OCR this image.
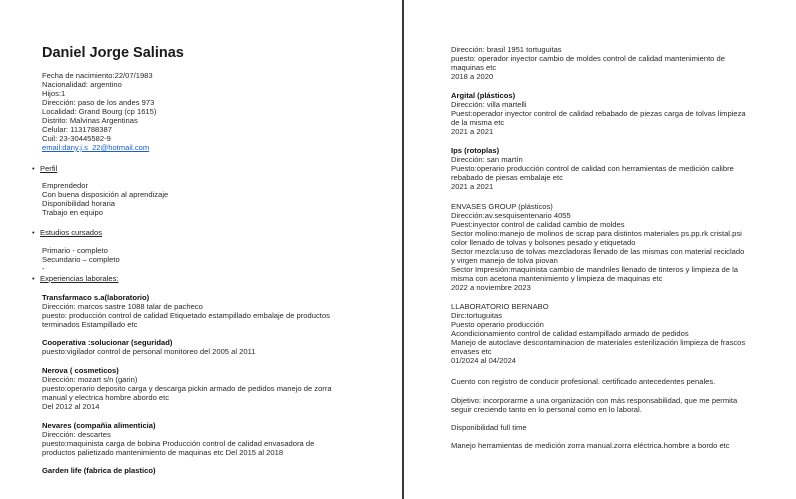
Daniel Jorge Salinas
Fecha de nacimiento:22/07/1983
Nacionalidad: argentino
Hijos:1
Dirección: paso de los andes 973
Localidad: Grand Bourg (cp 1615)
Distrito: Malvinas Argentinas
Celular: 1131788387
Cuil: 23-30445582-9
email:dany.j.s_22@hotmail.com
• Perfil
Emprendedor
Con buena disposición al aprendizaje
Disponibilidad horaria
Trabajo en equipo
• Estudios cursados
Primario - completo
Secundario – completo
-
• Experiencias laborales:
Transfarmaco s.a(laboratorio)
Dirección: marcos sastre 1088 talar de pacheco
puesto: producción control de calidad Etiquetado estampillado embalaje de productos
terminados Estampillado etc
Cooperativa :solucionar (seguridad)
puesto:vigilador control de personal monitoreo del 2005 al 2011
Nerova ( cosmeticos)
Dirección: mozart s/n (garin)
puesto:operario deposito carga y descarga pickin armado de pedidos manejo de zorra
manual y electrica hombre abordo etc
Del 2012 al 2014
Nevares (compañia alimenticia)
Dirección: descartes
puesto:maquinista carga de bobina Producción control de calidad envasadora de
productos palietizado mantenimiento de maquinas etc Del 2015 al 2018
Garden life (fabrica de plastico)
Dirección: brasil 1951 tortuguitas
puesto: operador inyector cambio de moldes control de calidad mantenimiento de
maquinas etc
2018 a 2020
Argital (plásticos)
Dirección: villa martelli
Puest:operador inyector control de calidad rebabado de piezas carga de tolvas limpieza
de la misma etc
2021 a 2021
Ips (rotoplas)
Dirección: san martín
Puesto:operario producción control de calidad con herramientas de medición calibre
rebabado de piesas embalaje etc
2021 a 2021
ENVASES GROUP (plásticos)
Dirección:av.sesquisentenario 4055
Puest:inyector control de calidad cambio de moldes
Sector molino:manejo de molinos de scrap para distintos materiales ps.pp.rk cristal.psi
color llenado de tolvas y bolsones pesado y etiquetado
Sector mezcla:uso de tolvas mezcladoras llenado de las mismas con material reciclado
y virgen manejo de tolva piovan
Sector Impresión:maquinista cambio de mandriles llenado de tinteros y limpieza de la
misma con acetona mantenimiento y limpieza de maquinas etc
2022 a noviembre 2023
LLABORATORIO BERNABO
Dirc:tortuguitas
Puesto operario producción
Acondicionamiento control de calidad estampillado armado de pedidos
Manejo de autoclave descontaminacion de materiales esterilización limpieza de frascos
envases etc
01/2024 al 04/2024
Cuento con registro de conducir profesional. certificado antecedentes penales.
Objetivo: incorporarme a una organización con más responsabilidad, que me permita
seguir creciendo tanto en lo personal como en lo laboral.
Disponibilidad full time
Manejo herramientas de medición zorra manual.zorra eléctrica.hombre a bordo etc
